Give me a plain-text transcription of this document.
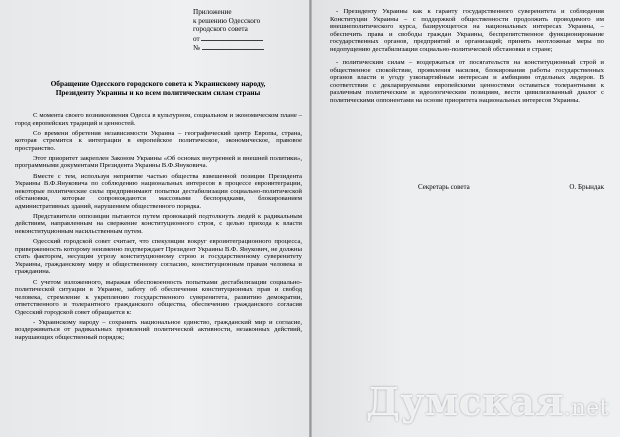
Приложение
к решению Одесского
городского совета
от
№
Обращение Одесского городского совета к Украинскому народу,
Президенту Украины и ко всем политическим силам страны

С момента своего возникновения Одесса в культурном, социальном и экономическом плане – город европейских традиций и ценностей.

Со времени обретения независимости Украина – географический центр Европы, страна, которая стремится к интеграции в европейское политическое, экономическое, правовое пространство.

Этот приоритет закреплен Законом Украины «Об основах внутренней и внешней политики», программными документами Президента Украины В.Ф.Януковича.

Вместе с тем, используя неприятие частью общества взвешенной позиции Президента Украины В.Ф.Януковича по соблюдению национальных интересов в процессе евроинтеграции, некоторые политические силы предпринимают попытки дестабилизации социально-политической обстановки, которые сопровождаются массовыми беспорядками, блокированием административных зданий, нарушением общественного порядка.

Представители оппозиции пытаются путем провокаций подтолкнуть людей к радикальным действиям, направленным на свержение конституционного строя, с целью прихода к власти неконституционным насильственным путем.

Одесский городской совет считает, что спекуляции вокруг евроинтеграционного процесса, приверженность которому неизменно подтверждает Президент Украины В.Ф. Янукович, не должны стать фактором, несущим угрозу конституционному строю и государственному суверенитету Украины, гражданскому миру и общественному согласию, конституционным правам человека и гражданина.

С учетом изложенного, выражая обеспокоенность попытками дестабилизации социально-политической ситуации в Украине, заботу об обеспечении конституционных прав и свобод человека, стремление к укреплению государственного суверенитета, развитию демократии, ответственного и толерантного гражданского общества, обеспечению гражданского согласия Одесский городской совет обращается к:

- Украинскому народу – сохранять национальное единство, гражданский мир и согласие, воздерживаться от радикальных проявлений политической активности, незаконных действий, нарушающих общественный порядок;

- Президенту Украины как к гаранту государственного суверенитета и соблюдения Конституции Украины – с поддержкой общественности продолжить проводимого им внешнеполитического курса, базирующегося на национальных интересах Украины, – обеспечить права и свободы граждан Украины, беспрепятственное функционирование государственных органов, предприятий и организаций; принять неотложные меры по недопущению дестабилизации социально-политической обстановки в стране;

- политическим силам – воздержаться от посягательств на конституционный строй и общественное спокойствие, проявления насилия, блокирования работы государственных органов власти в угоду узкопартийным интересам и амбициям отдельных лидеров. В соответствии с декларируемыми европейскими ценностями оставаться толерантными к различным политическим и идеологическим позициям, вести цивилизованный диалог с политическими оппонентами на основе приоритета национальных интересов Украины.

Секретарь совета	О. Брындак
Думская.net
